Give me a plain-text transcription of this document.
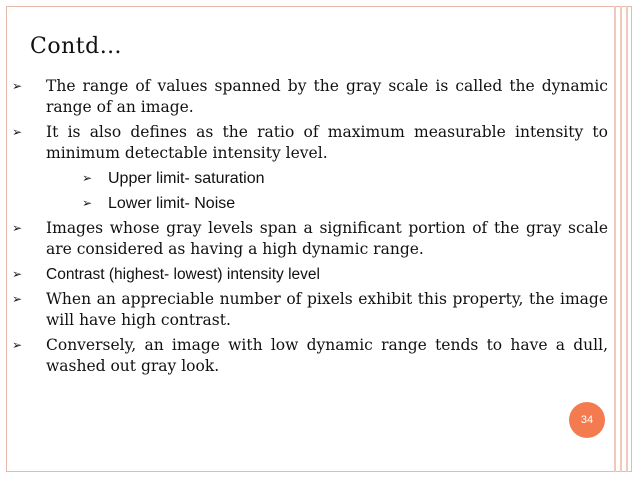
Contd…
➢	The range of values spanned by the gray scale is called the dynamic range of an image.
➢	It is also defines as the ratio of maximum measurable intensity to minimum detectable intensity level.
➢ Upper limit- saturation
➢ Lower limit- Noise
➢	Images whose gray levels span a significant portion of the gray scale are considered as having a high dynamic range.
➢	Contrast (highest- lowest) intensity level
➢	When an appreciable number of pixels exhibit this property, the image will have high contrast.
➢	Conversely, an image with low dynamic range tends to have a dull, washed out gray look.
34
